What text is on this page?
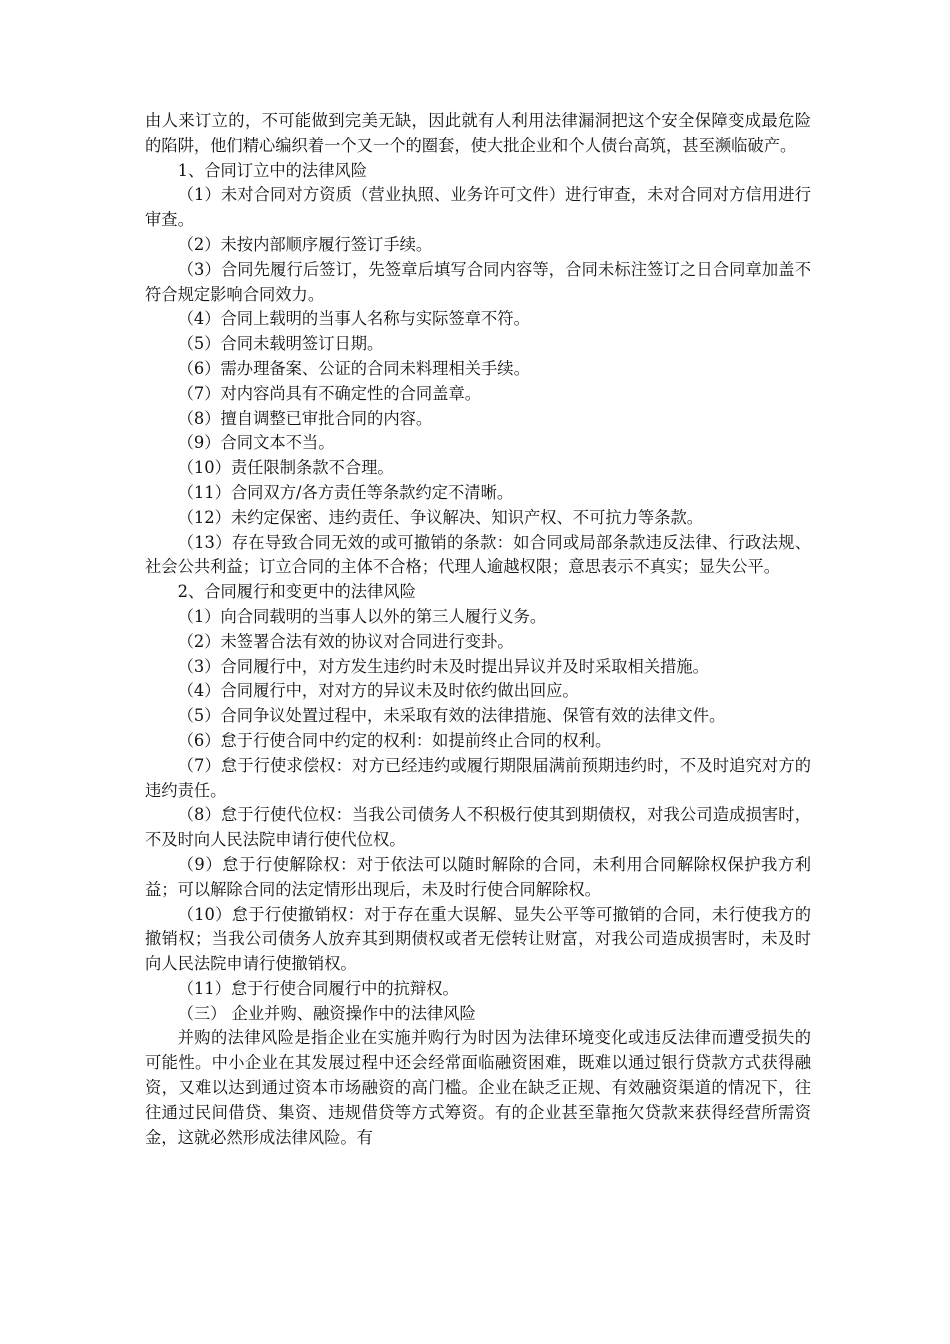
由人来订立的，不可能做到完美无缺，因此就有人利用法律漏洞把这个安全保障变成最危险的陷阱，他们精心编织着一个又一个的圈套，使大批企业和个人债台高筑，甚至濒临破产。

1、合同订立中的法律风险

（1）未对合同对方资质（营业执照、业务许可文件）进行审查，未对合同对方信用进行审查。

（2）未按内部顺序履行签订手续。

（3）合同先履行后签订，先签章后填写合同内容等，合同未标注签订之日合同章加盖不符合规定影响合同效力。

（4）合同上载明的当事人名称与实际签章不符。

（5）合同未载明签订日期。

（6）需办理备案、公证的合同未料理相关手续。

（7）对内容尚具有不确定性的合同盖章。

（8）擅自调整已审批合同的内容。

（9）合同文本不当。

（10）责任限制条款不合理。

（11）合同双方/各方责任等条款约定不清晰。

（12）未约定保密、违约责任、争议解决、知识产权、不可抗力等条款。

（13）存在导致合同无效的或可撤销的条款：如合同或局部条款违反法律、行政法规、社会公共利益；订立合同的主体不合格；代理人逾越权限；意思表示不真实；显失公平。

2、合同履行和变更中的法律风险

（1）向合同载明的当事人以外的第三人履行义务。

（2）未签署合法有效的协议对合同进行变卦。

（3）合同履行中，对方发生违约时未及时提出异议并及时采取相关措施。

（4）合同履行中，对对方的异议未及时依约做出回应。

（5）合同争议处置过程中，未采取有效的法律措施、保管有效的法律文件。

（6）怠于行使合同中约定的权利：如提前终止合同的权利。

（7）怠于行使求偿权：对方已经违约或履行期限届满前预期违约时，不及时追究对方的违约责任。

（8）怠于行使代位权：当我公司债务人不积极行使其到期债权，对我公司造成损害时，不及时向人民法院申请行使代位权。

（9）怠于行使解除权：对于依法可以随时解除的合同，未利用合同解除权保护我方利益；可以解除合同的法定情形出现后，未及时行使合同解除权。

（10）怠于行使撤销权：对于存在重大误解、显失公平等可撤销的合同，未行使我方的撤销权；当我公司债务人放弃其到期债权或者无偿转让财富，对我公司造成损害时，未及时向人民法院申请行使撤销权。

（11）怠于行使合同履行中的抗辩权。

（三） 企业并购、融资操作中的法律风险

并购的法律风险是指企业在实施并购行为时因为法律环境变化或违反法律而遭受损失的可能性。中小企业在其发展过程中还会经常面临融资困难，既难以通过银行贷款方式获得融资，又难以达到通过资本市场融资的高门槛。企业在缺乏正规、有效融资渠道的情况下，往往通过民间借贷、集资、违规借贷等方式筹资。有的企业甚至靠拖欠贷款来获得经营所需资金，这就必然形成法律风险。有
